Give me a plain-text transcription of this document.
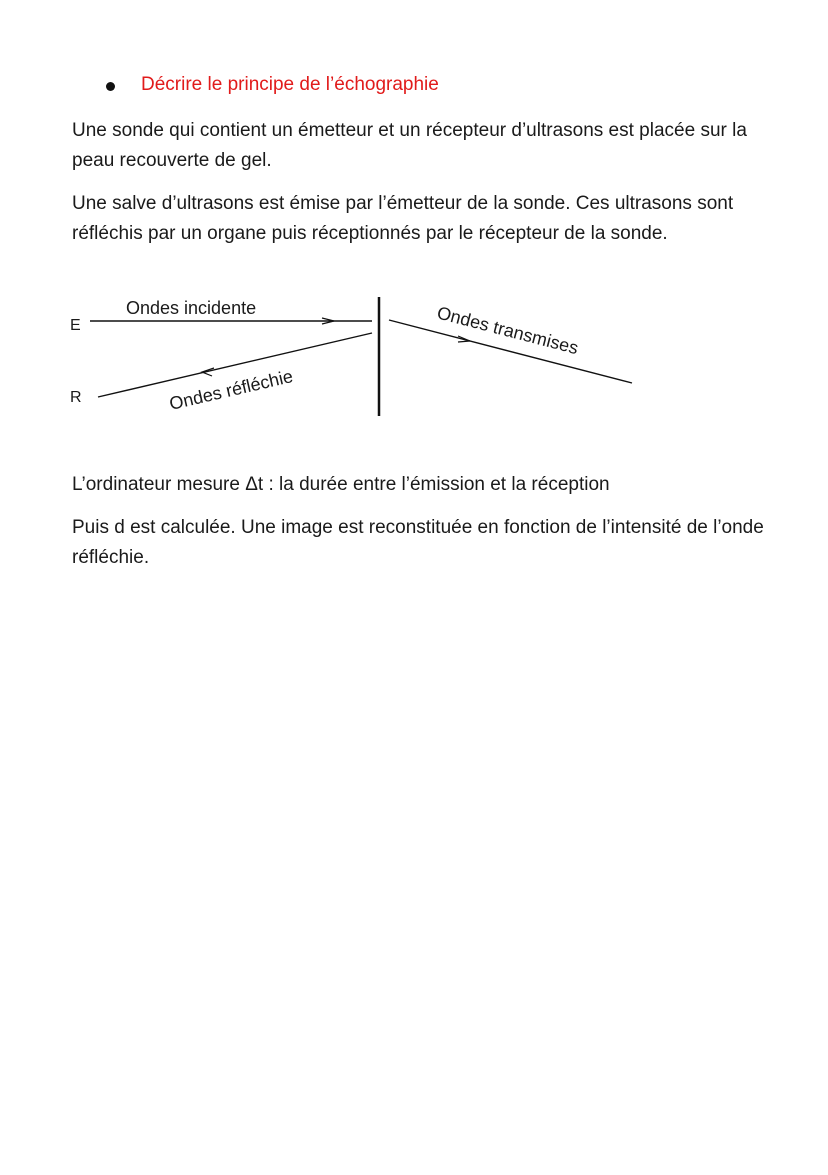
Décrire le principe de l’échographie

Une sonde qui contient un émetteur et un récepteur d’ultrasons est placée sur la peau recouverte de gel.

Une salve d’ultrasons est émise par l’émetteur de la sonde. Ces ultrasons sont réfléchis par un organe puis réceptionnés par le récepteur de la sonde.

E
R
Ondes incidente
Ondes réfléchie
Ondes transmises

L’ordinateur mesure Δt : la durée entre l’émission et la réception

Puis d est calculée. Une image est reconstituée en fonction de l’intensité de l’onde réfléchie.
